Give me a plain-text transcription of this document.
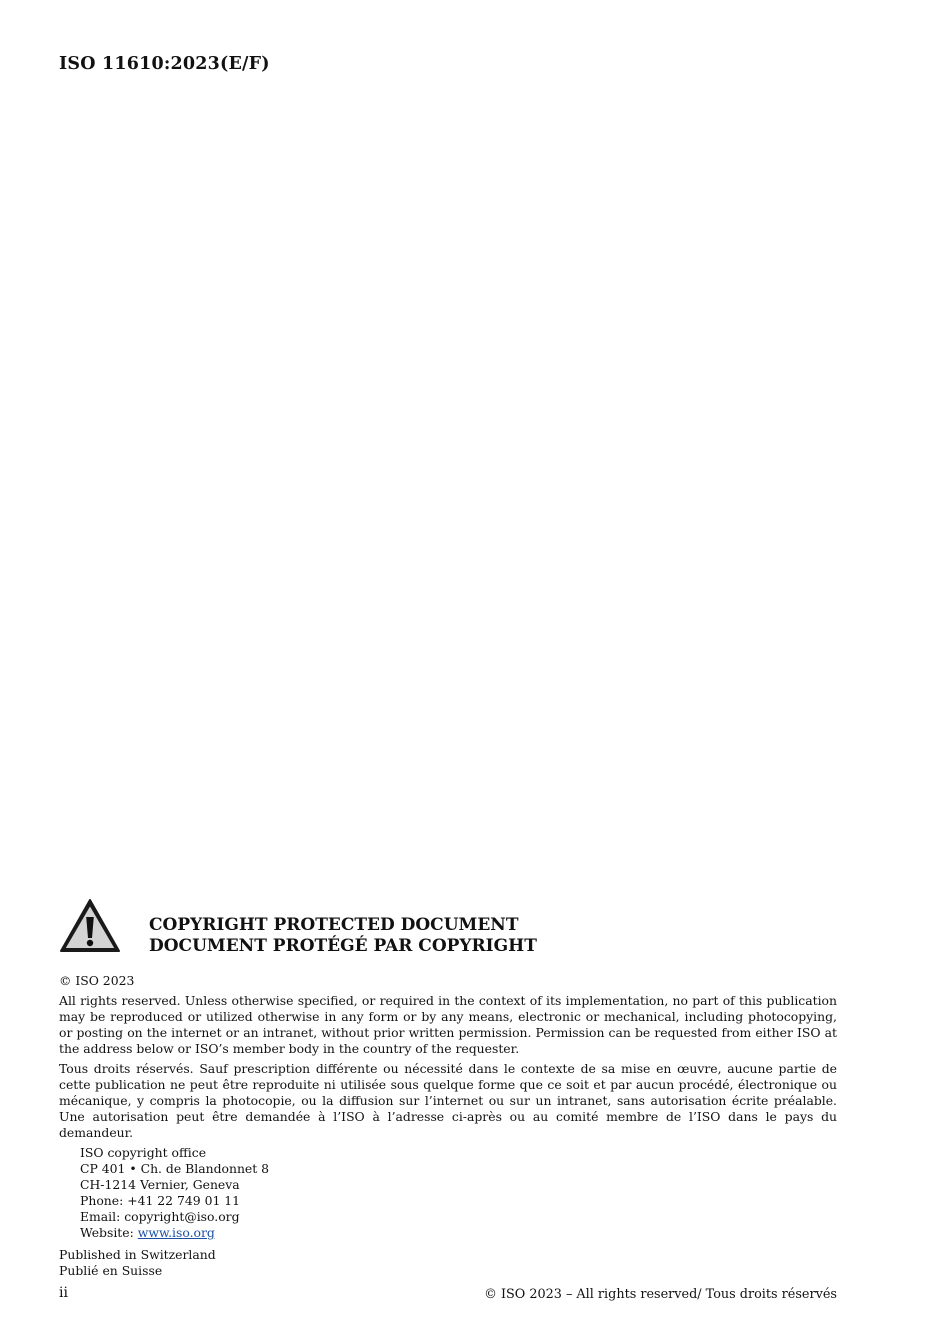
ISO 11610:2023(E/F)
COPYRIGHT PROTECTED DOCUMENT
DOCUMENT PROTÉGÉ PAR COPYRIGHT
© ISO 2023
All rights reserved. Unless otherwise specified, or required in the context of its implementation, no part of this publication may be reproduced or utilized otherwise in any form or by any means, electronic or mechanical, including photocopying, or posting on the internet or an intranet, without prior written permission. Permission can be requested from either ISO at the address below or ISO’s member body in the country of the requester.
Tous droits réservés. Sauf prescription différente ou nécessité dans le contexte de sa mise en œuvre, aucune partie de cette publication ne peut être reproduite ni utilisée sous quelque forme que ce soit et par aucun procédé, électronique ou mécanique, y compris la photocopie, ou la diffusion sur l’internet ou sur un intranet, sans autorisation écrite préalable. Une autorisation peut être demandée à l’ISO à l’adresse ci-après ou au comité membre de l’ISO dans le pays du demandeur.
ISO copyright office
CP 401 • Ch. de Blandonnet 8
CH-1214 Vernier, Geneva
Phone: +41 22 749 01 11
Email: copyright@iso.org
Website: www.iso.org
Published in Switzerland
Publié en Suisse
ii	© ISO 2023 – All rights reserved/ Tous droits réservés
